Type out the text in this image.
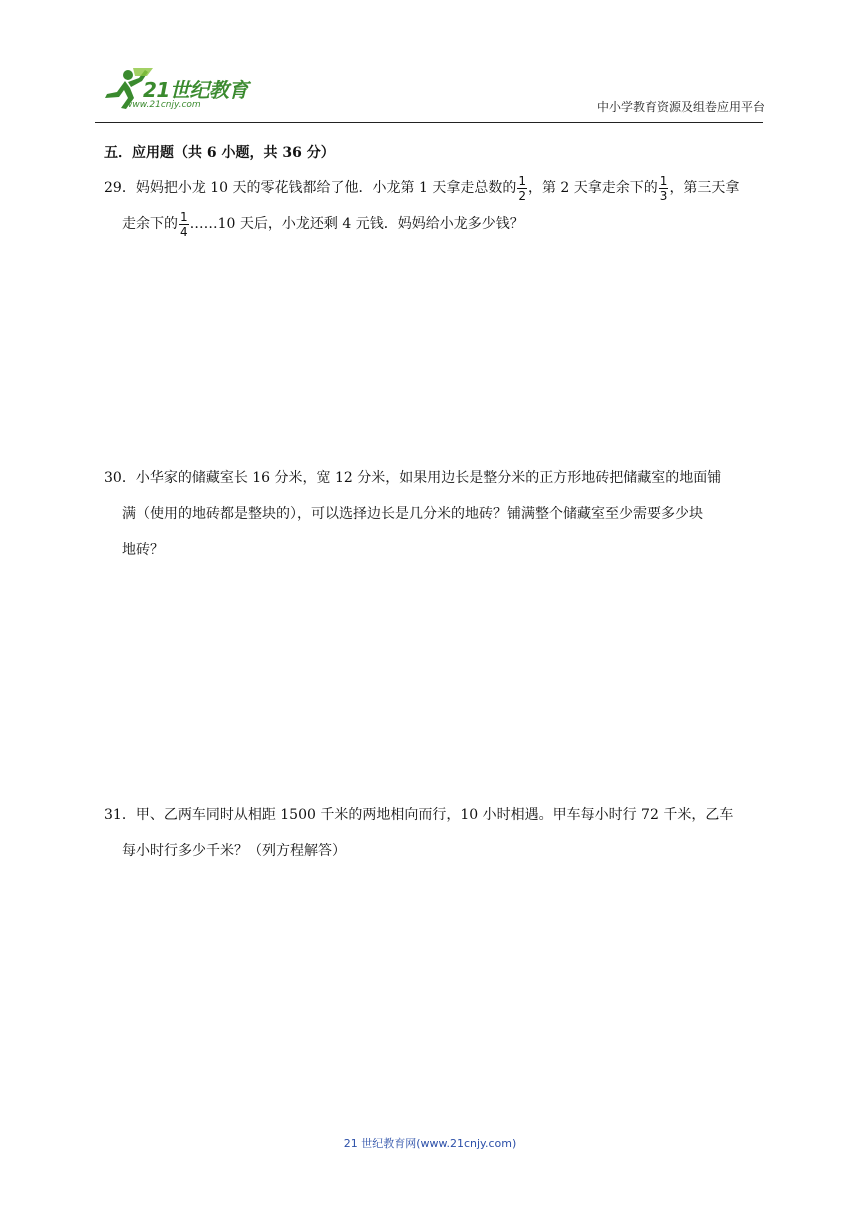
21世纪教育
www.21cnjy.com	中小学教育资源及组卷应用平台
五．应用题（共 6 小题，共 36 分）
29．妈妈把小龙 10 天的零花钱都给了他．小龙第 1 天拿走总数的 $\frac{1}{2}$ ，第 2 天拿走余下的 $\frac{1}{3}$ ，第三天拿
走余下的 $\frac{1}{4}$ ……10 天后，小龙还剩 4 元钱．妈妈给小龙多少钱？
30．小华家的储藏室长 16 分米，宽 12 分米，如果用边长是整分米的正方形地砖把储藏室的地面铺
满（使用的地砖都是整块的），可以选择边长是几分米的地砖？铺满整个储藏室至少需要多少块
地砖？
31．甲、乙两车同时从相距 1500 千米的两地相向而行，10 小时相遇。甲车每小时行 72 千米，乙车
每小时行多少千米？（列方程解答）
21 世纪教育网(www.21cnjy.com)
